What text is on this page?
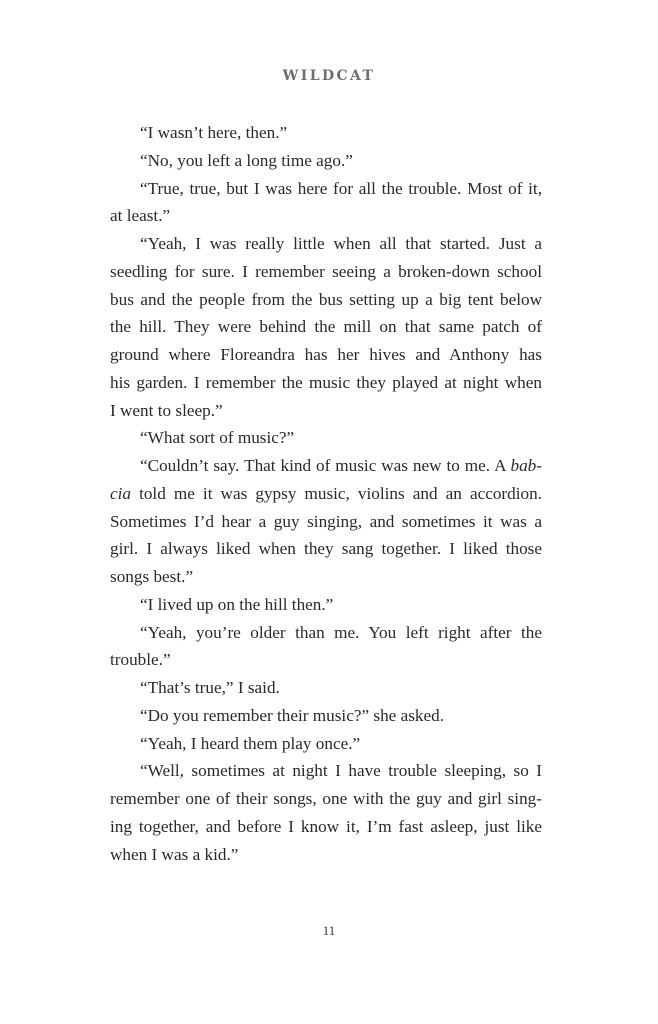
WILDCAT
“I wasn’t here, then.”
“No, you left a long time ago.”
“True, true, but I was here for all the trouble. Most of it,
at least.”
“Yeah, I was really little when all that started. Just a
seedling for sure. I remember seeing a broken-down school
bus and the people from the bus setting up a big tent below
the hill. They were behind the mill on that same patch of
ground where Floreandra has her hives and Anthony has
his garden. I remember the music they played at night when
I went to sleep.”
“What sort of music?”
“Couldn’t say. That kind of music was new to me. A bab-
cia told me it was gypsy music, violins and an accordion.
Sometimes I’d hear a guy singing, and sometimes it was a
girl. I always liked when they sang together. I liked those
songs best.”
“I lived up on the hill then.”
“Yeah, you’re older than me. You left right after the
trouble.”
“That’s true,” I said.
“Do you remember their music?” she asked.
“Yeah, I heard them play once.”
“Well, sometimes at night I have trouble sleeping, so I
remember one of their songs, one with the guy and girl sing-
ing together, and before I know it, I’m fast asleep, just like
when I was a kid.”
11
